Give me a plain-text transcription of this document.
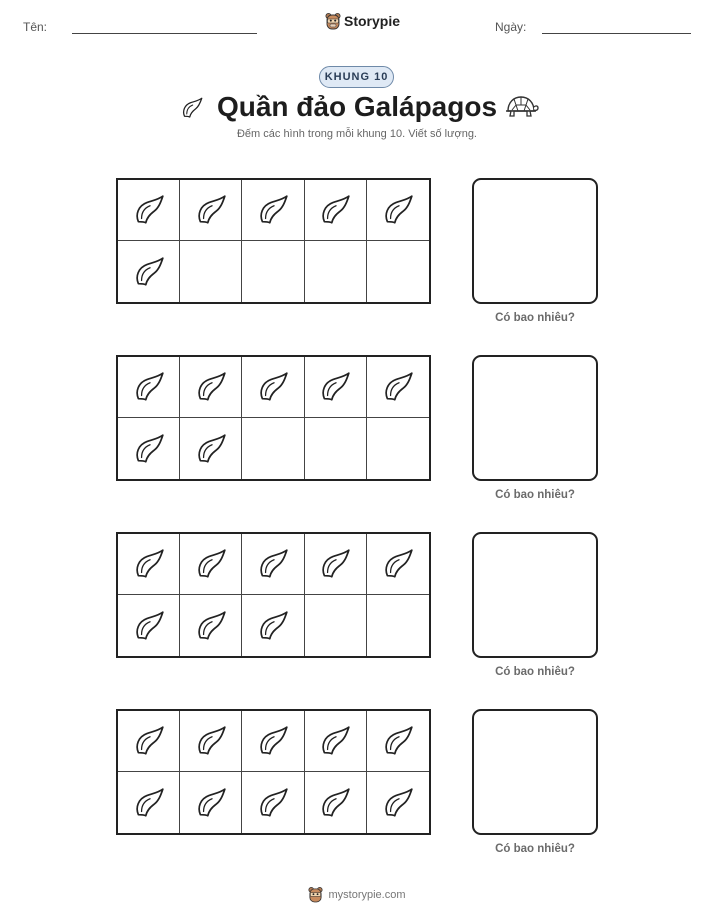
Tên:	Storypie	Ngày:
KHUNG 10
Quần đảo Galápagos
Đếm các hình trong mỗi khung 10. Viết số lượng.
Có bao nhiêu?
Có bao nhiêu?
Có bao nhiêu?
Có bao nhiêu?
mystorypie.com
